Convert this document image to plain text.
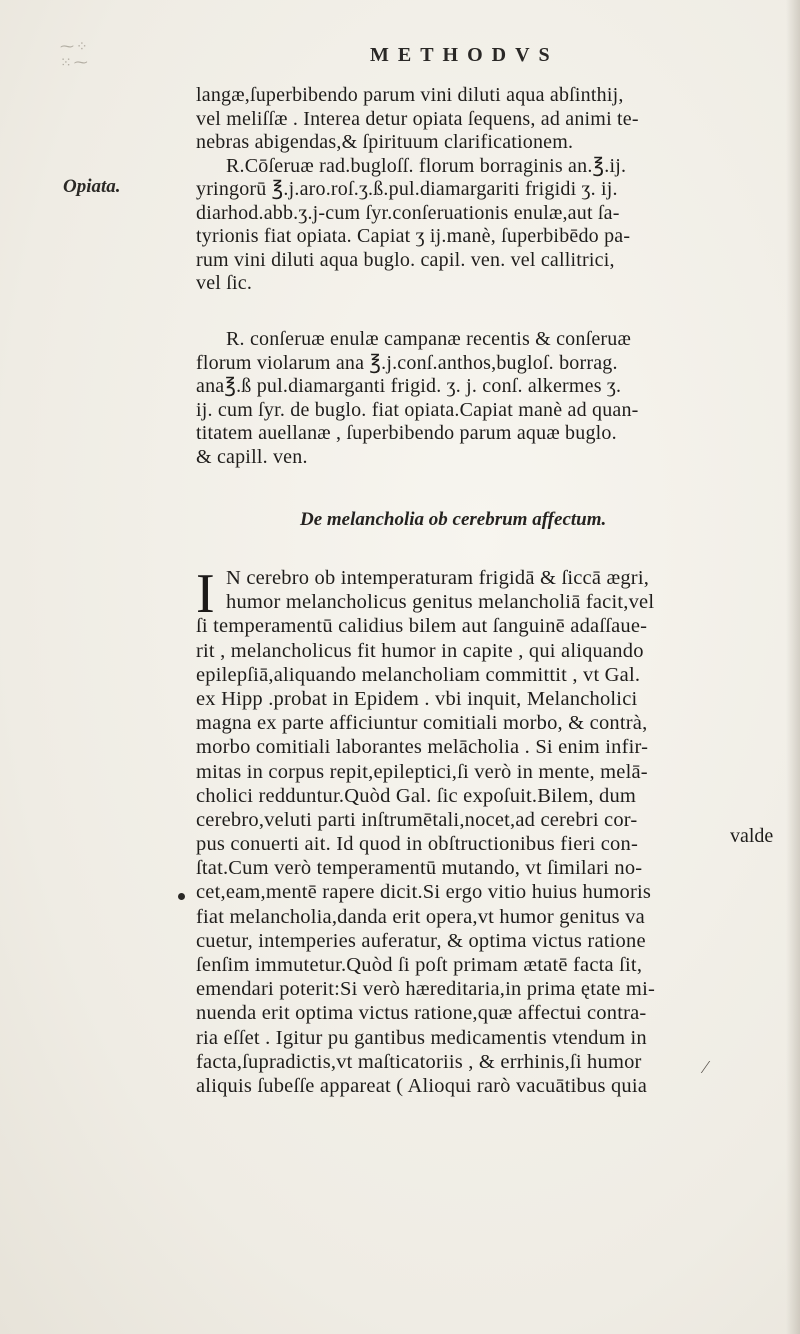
⁓⁘
⁙⁓	METHODVS
Opiata.
langæ,ſuperbibendo parum vini diluti aqua abſinthij,
vel meliſſæ . Interea detur opiata ſequens, ad animi te-
nebras abigendas,& ſpirituum clarificationem.
R.Cōſeruæ rad.bugloſſ. florum borraginis an.℥.ij.
yringorū ℥.j.aro.roſ.ʒ.ß.pul.diamargariti frigidi ʒ. ij.
diarhod.abb.ʒ.j-cum ſyr.conſeruationis enulæ,aut ſa-
tyrionis fiat opiata. Capiat ʒ ij.manè, ſuperbibēdo pa-
rum vini diluti aqua buglo. capil. ven. vel callitrici,
vel ſic.
R. conſeruæ enulæ campanæ recentis & conſeruæ
florum violarum ana ℥.j.conſ.anthos,bugloſ. borrag.
ana℥.ß pul.diamarganti frigid. ʒ. j. conſ. alkermes ʒ.
ij. cum ſyr. de buglo. fiat opiata.Capiat manè ad quan-
titatem auellanæ , ſuperbibendo parum aquæ buglo.
& capill. ven.
De melancholia ob cerebrum affectum.
I N cerebro ob intemperaturam frigidā & ſiccā ægri,
humor melancholicus genitus melancholiā facit,vel
ſi temperamentū calidius bilem aut ſanguinē adaſſaue-
rit , melancholicus fit humor in capite , qui aliquando
epilepſiā,aliquando melancholiam committit , vt Gal.
ex Hipp .probat in Epidem . vbi inquit, Melancholici
magna ex parte afficiuntur comitiali morbo, & contrà,
morbo comitiali laborantes melācholia . Si enim infir-
mitas in corpus repit,epileptici,ſi verò in mente, melā-
cholici redduntur.Quòd Gal. ſic expoſuit.Bilem, dum
cerebro,veluti parti inſtrumētali,nocet,ad cerebri cor-
pus conuerti ait. Id quod in obſtructionibus fieri con-
ſtat.Cum verò temperamentū mutando, vt ſimilari no-
cet,eam,mentē rapere dicit.Si ergo vitio huius humoris
fiat melancholia,danda erit opera,vt humor genitus va
cuetur, intemperies auferatur, & optima victus ratione
ſenſim immutetur.Quòd ſi poſt primam ætatē facta ſit,
emendari poterit:Si verò hæreditaria,in prima ętate mi-
nuenda erit optima victus ratione,quæ affectui contra-
ria eſſet . Igitur pu gantibus medicamentis vtendum in
facta,ſupradictis,vt maſticatoriis , & errhinis,ſi humor
aliquis ſubeſſe appareat ( Alioqui rarò vacuātibus quia
valde
⁄
